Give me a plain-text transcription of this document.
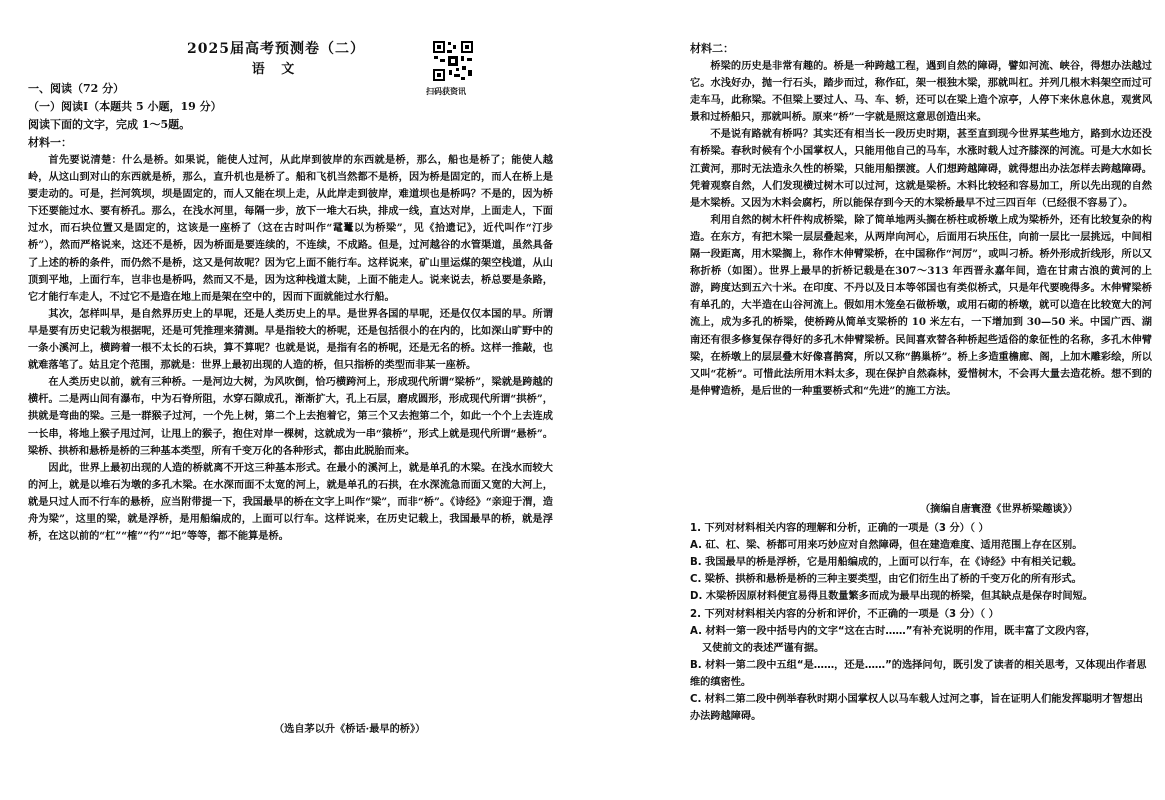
2025届高考预测卷（二）
语 文
扫码获资讯
一、阅读（72 分）
（一）阅读Ⅰ（本题共 5 小题，19 分）
阅读下面的文字，完成 1～5题。
材料一：

首先要说清楚：什么是桥。如果说，能使人过河，从此岸到彼岸的东西就是桥，那么，船也是桥了；能使人越岭，从这山到对山的东西就是桥，那么，直升机也是桥了。船和飞机当然都不是桥，因为桥是固定的，而人在桥上是要走动的。可是，拦河筑坝，坝是固定的，而人又能在坝上走，从此岸走到彼岸，难道坝也是桥吗？不是的，因为桥下还要能过水、要有桥孔。那么，在浅水河里，每隔一步，放下一堆大石块，排成一线，直达对岸，上面走人，下面过水，而石块位置又是固定的，这该是一座桥了（这在古时叫作“鼋鼍以为桥梁”，见《拾遗记》，近代叫作“汀步桥”），然而严格说来，这还不是桥，因为桥面是要连续的，不连续，不成路。但是，过河越谷的水管渠道，虽然具备了上述的桥的条件，而仍然不是桥，这又是何故呢？因为它上面不能行车。这样说来，矿山里运煤的架空栈道，从山顶到平地，上面行车，岂非也是桥吗，然而又不是，因为这种栈道太陡，上面不能走人。说来说去，桥总要是条路，它才能行车走人，不过它不是造在地上而是架在空中的，因而下面就能过水行船。

其次，怎样叫早，是自然界历史上的早呢，还是人类历史上的早。是世界各国的早呢，还是仅仅本国的早。所谓早是要有历史记载为根据呢，还是可凭推理来猜测。早是指较大的桥呢，还是包括很小的在内的，比如深山旷野中的一条小溪河上，横跨着一根不太长的石块，算不算呢？也就是说，是指有名的桥呢，还是无名的桥。这样一推敲，也就难落笔了。姑且定个范围，那就是：世界上最初出现的人造的桥，但只指桥的类型而非某一座桥。

在人类历史以前，就有三种桥。一是河边大树，为风吹倒，恰巧横跨河上，形成现代所谓“梁桥”，梁就是跨越的横杆。二是两山间有瀑布，中为石脊所阻，水穿石隙成孔，渐渐扩大，孔上石层，磨成圆形，形成现代所谓“拱桥”，拱就是弯曲的梁。三是一群猴子过河，一个先上树，第二个上去抱着它，第三个又去抱第二个，如此一个个上去连成一长串，将地上猴子甩过河，让甩上的猴子，抱住对岸一棵树，这就成为一串“猿桥”，形式上就是现代所谓“悬桥”。梁桥、拱桥和悬桥是桥的三种基本类型，所有千变万化的各种形式，都由此脱胎而来。

因此，世界上最初出现的人造的桥就离不开这三种基本形式。在最小的溪河上，就是单孔的木梁。在浅水而较大的河上，就是以堆石为墩的多孔木梁。在水深而面不太宽的河上，就是单孔的石拱，在水深流急而面又宽的大河上，就是只过人而不行车的悬桥，应当附带提一下，我国最早的桥在文字上叫作“梁”，而非“桥”。《诗经》“亲迎于渭，造舟为梁”，这里的梁，就是浮桥，是用船编成的，上面可以行车。这样说来，在历史记载上，我国最早的桥，就是浮桥，在这以前的“杠”“榷”“彴”“圯”等等，都不能算是桥。

（选自茅以升《桥话·最早的桥》）
材料二：

桥梁的历史是非常有趣的。桥是一种跨越工程，遇到自然的障碍，譬如河流、峡谷，得想办法越过它。水浅好办，抛一行石头，踏步而过，称作矼，架一根独木梁，那就叫杠。并列几根木料架空而过可走车马，此称梁。不但梁上要过人、马、车、轿，还可以在梁上造个凉亭，人停下来休息休息，观赏风景和过桥船只，那就叫桥。原来“桥”一字就是照这意思创造出来。

不是说有路就有桥吗？其实还有相当长一段历史时期，甚至直到现今世界某些地方，路到水边还没有桥梁。春秋时候有个小国掌权人，只能用他自己的马车，水涨时载人过齐膝深的河流。可是大水如长江黄河，那时无法造永久性的桥梁，只能用船摆渡。人们想跨越障碍，就得想出办法怎样去跨越障碍。凭着观察自然，人们发现横过树木可以过河，这就是梁桥。木料比较轻和容易加工，所以先出现的自然是木梁桥。又因为木料会腐朽，所以能保存到今天的木梁桥最早不过三四百年（已经很不容易了）。

利用自然的树木杆件构成桥梁，除了简单地两头搁在桥柱或桥墩上成为梁桥外，还有比较复杂的构造。在东方，有把木梁一层层叠起来，从两岸向河心，后面用石块压住，向前一层比一层挑远，中间相隔一段距离，用木梁搁上，称作木伸臂梁桥，在中国称作“河厉”，或叫刁桥。桥外形成折线形，所以又称折桥（如图）。世界上最早的折桥记载是在307～313 年西晋永嘉年间，造在甘肃古浪的黄河的上游，跨度达到五六十米。在印度、不丹以及日本等邻国也有类似桥式，只是年代要晚得多。木伸臂梁桥有单孔的，大半造在山谷河流上。假如用木笼垒石做桥墩，或用石砌的桥墩，就可以造在比较宽大的河流上，成为多孔的桥梁，使桥跨从简单支梁桥的 10 米左右，一下增加到 30—50 米。中国广西、湖南还有很多修复保存得好的多孔木伸臂梁桥。民间喜欢替各种桥起些适俗的象征性的名称，多孔木伸臂梁，在桥墩上的层层叠木好像喜鹊窝，所以又称“鹊巢桥”。桥上多造重檐廊、阁，上加木雕彩绘，所以又叫“花桥”。可惜此法所用木料太多，现在保护自然森林，爱惜树木，不会再大量去造花桥。想不到的是伸臂造桥，是后世的一种重要桥式和“先进”的施工方法。

（摘编自唐寰澄《世界桥梁趣谈》）
1. 下列对材料相关内容的理解和分析，正确的一项是（3 分）（ ）
A. 矼、杠、梁、桥都可用来巧妙应对自然障碍，但在建造难度、适用范围上存在区别。
B. 我国最早的桥是浮桥，它是用船编成的，上面可以行车，在《诗经》中有相关记载。
C. 梁桥、拱桥和悬桥是桥的三种主要类型，由它们衍生出了桥的千变万化的所有形式。
D. 木梁桥因原材料便宜易得且数量繁多而成为最早出现的桥梁，但其缺点是保存时间短。
2. 下列对材料相关内容的分析和评价，不正确的一项是（3 分）（ ）
A. 材料一第一段中括号内的文字“这在古时……”有补充说明的作用，既丰富了文段内容，
又使前文的表述严谨有据。
B. 材料一第二段中五组“是……，还是……”的选择问句，既引发了读者的相关思考，又体现出作者思维的缜密性。
C. 材料二第二段中例举春秋时期小国掌权人以马车载人过河之事，旨在证明人们能发挥聪明才智想出办法跨越障碍。
